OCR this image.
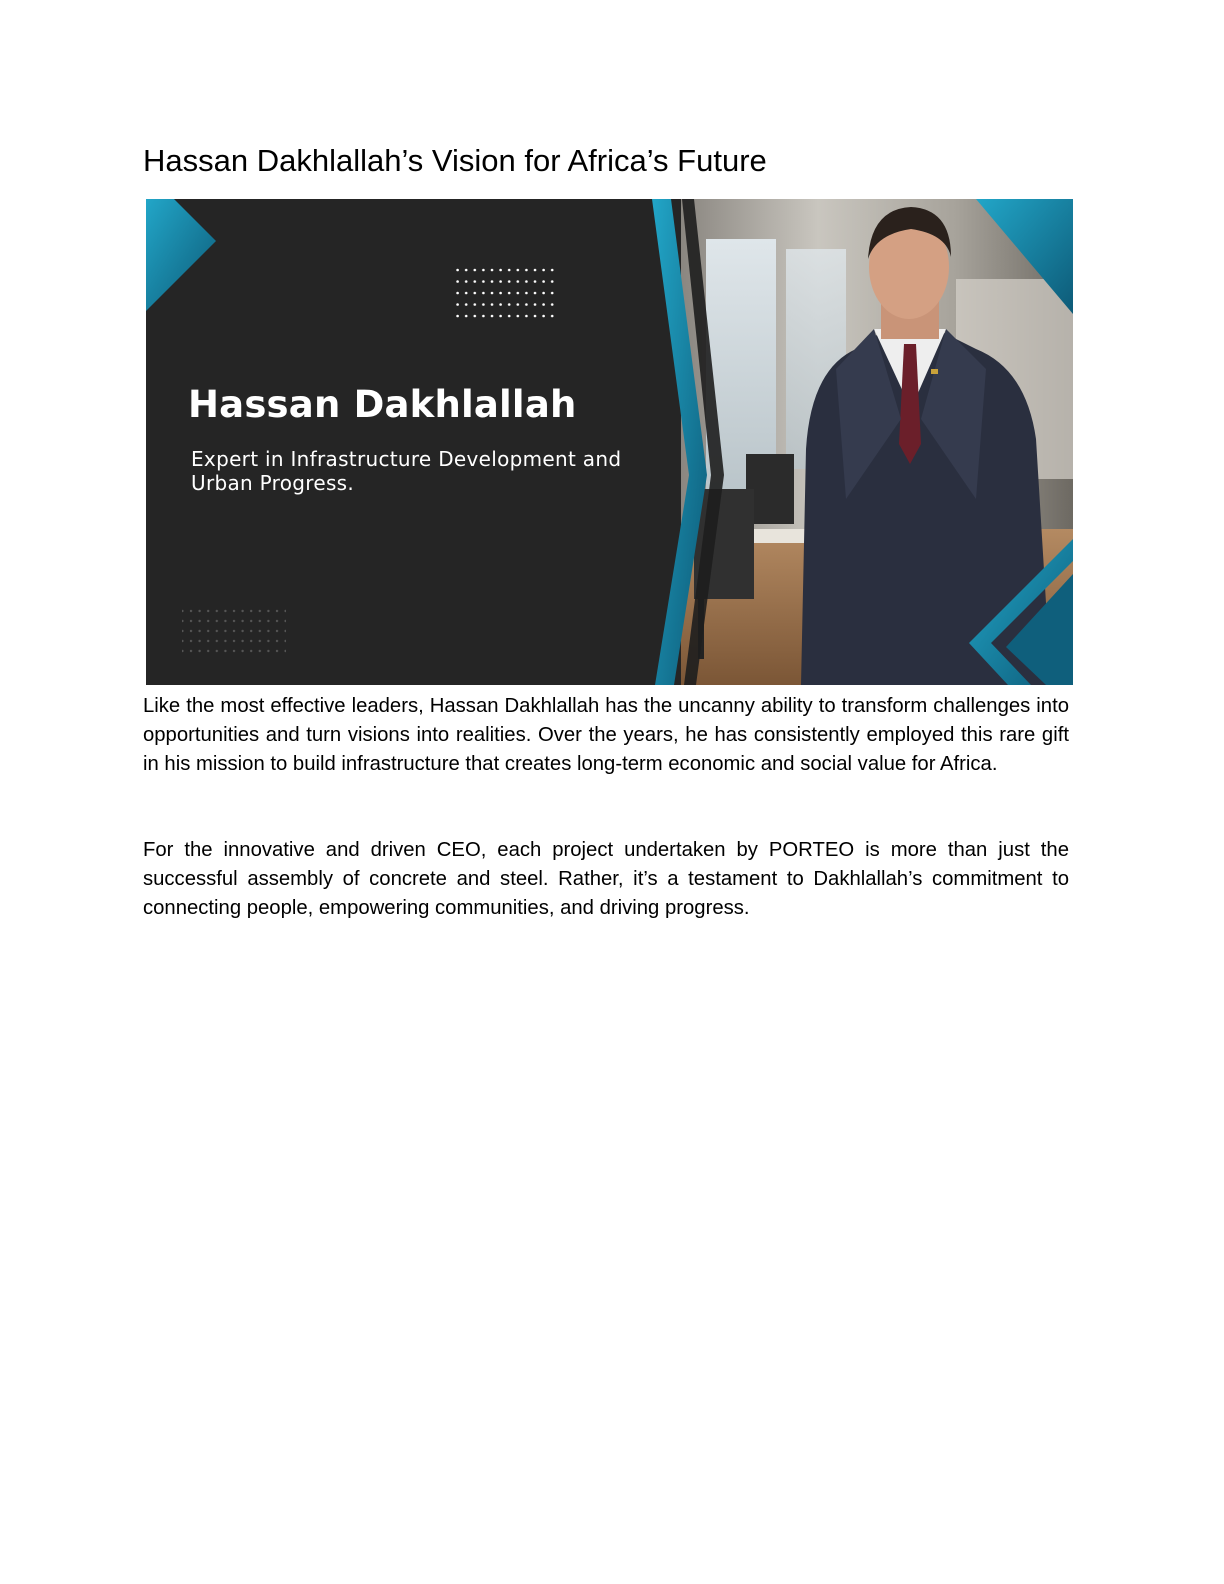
Hassan Dakhlallah’s Vision for Africa’s Future
Hassan Dakhlallah
Expert in Infrastructure Development and Urban Progress.

Like the most effective leaders, Hassan Dakhlallah has the uncanny ability to transform challenges into opportunities and turn visions into realities. Over the years, he has consistently employed this rare gift in his mission to build infrastructure that creates long-term economic and social value for Africa.

For the innovative and driven CEO, each project undertaken by PORTEO is more than just the successful assembly of concrete and steel. Rather, it’s a testament to Dakhlallah’s commitment to connecting people, empowering communities, and driving progress.
